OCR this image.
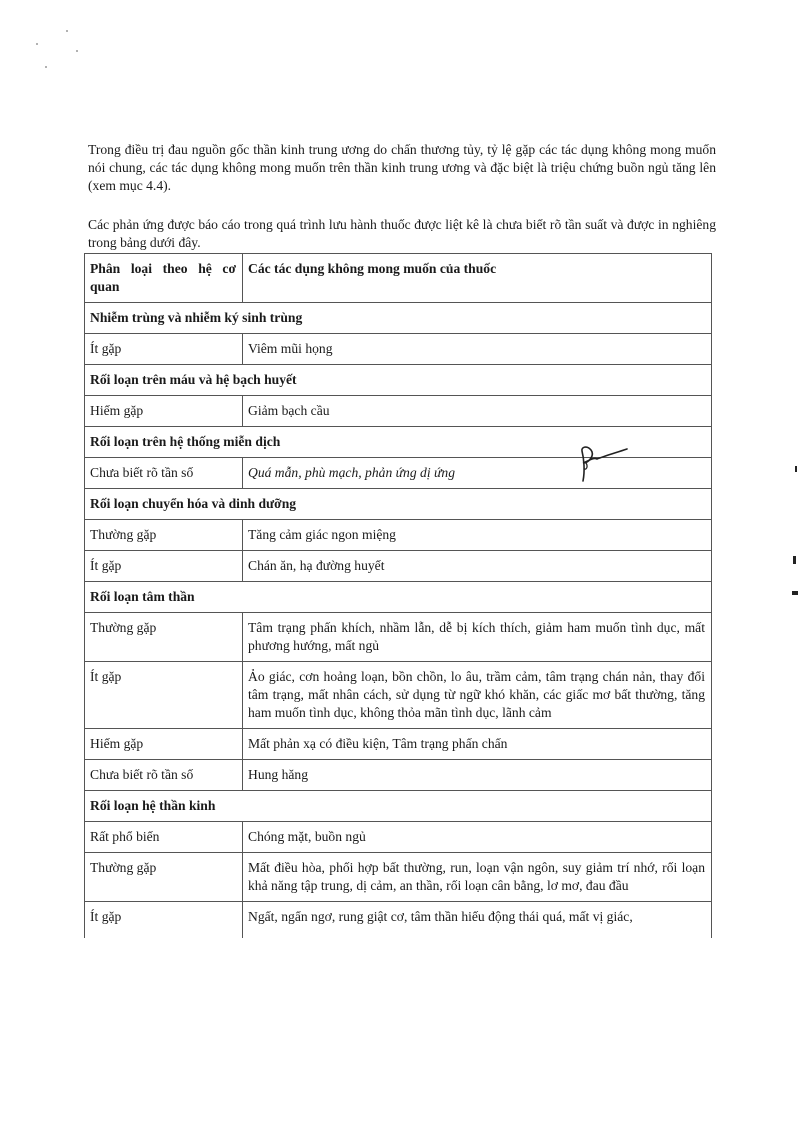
Trong điều trị đau nguồn gốc thần kinh trung ương do chấn thương tủy, tỷ lệ gặp các tác dụng không mong muốn nói chung, các tác dụng không mong muốn trên thần kinh trung ương và đặc biệt là triệu chứng buồn ngủ tăng lên (xem mục 4.4).
Các phản ứng được báo cáo trong quá trình lưu hành thuốc được liệt kê là chưa biết rõ tần suất và được in nghiêng trong bảng dưới đây.
Phân loại theo hệ cơ quan	Các tác dụng không mong muốn của thuốc
Nhiễm trùng và nhiễm ký sinh trùng	
Ít gặp	Viêm mũi họng
Rối loạn trên máu và hệ bạch huyết	
Hiếm gặp	Giảm bạch cầu
Rối loạn trên hệ thống miễn dịch	
Chưa biết rõ tần số	Quá mẫn, phù mạch, phản ứng dị ứng
Rối loạn chuyển hóa và dinh dưỡng	
Thường gặp	Tăng cảm giác ngon miệng
Ít gặp	Chán ăn, hạ đường huyết
Rối loạn tâm thần	
Thường gặp	Tâm trạng phấn khích, nhầm lẫn, dễ bị kích thích, giảm ham muốn tình dục, mất phương hướng, mất ngủ
Ít gặp	Ảo giác, cơn hoảng loạn, bồn chồn, lo âu, trầm cảm, tâm trạng chán nản, thay đổi tâm trạng, mất nhân cách, sử dụng từ ngữ khó khăn, các giấc mơ bất thường, tăng ham muốn tình dục, không thỏa mãn tình dục, lãnh cảm
Hiếm gặp	Mất phản xạ có điều kiện, Tâm trạng phấn chấn
Chưa biết rõ tần số	Hung hăng
Rối loạn hệ thần kinh	
Rất phổ biến	Chóng mặt, buồn ngủ
Thường gặp	Mất điều hòa, phối hợp bất thường, run, loạn vận ngôn, suy giảm trí nhớ, rối loạn khả năng tập trung, dị cảm, an thần, rối loạn cân bằng, lơ mơ, đau đầu
Ít gặp	Ngất, ngẩn ngơ, rung giật cơ, tâm thần hiếu động thái quá, mất vị giác,
